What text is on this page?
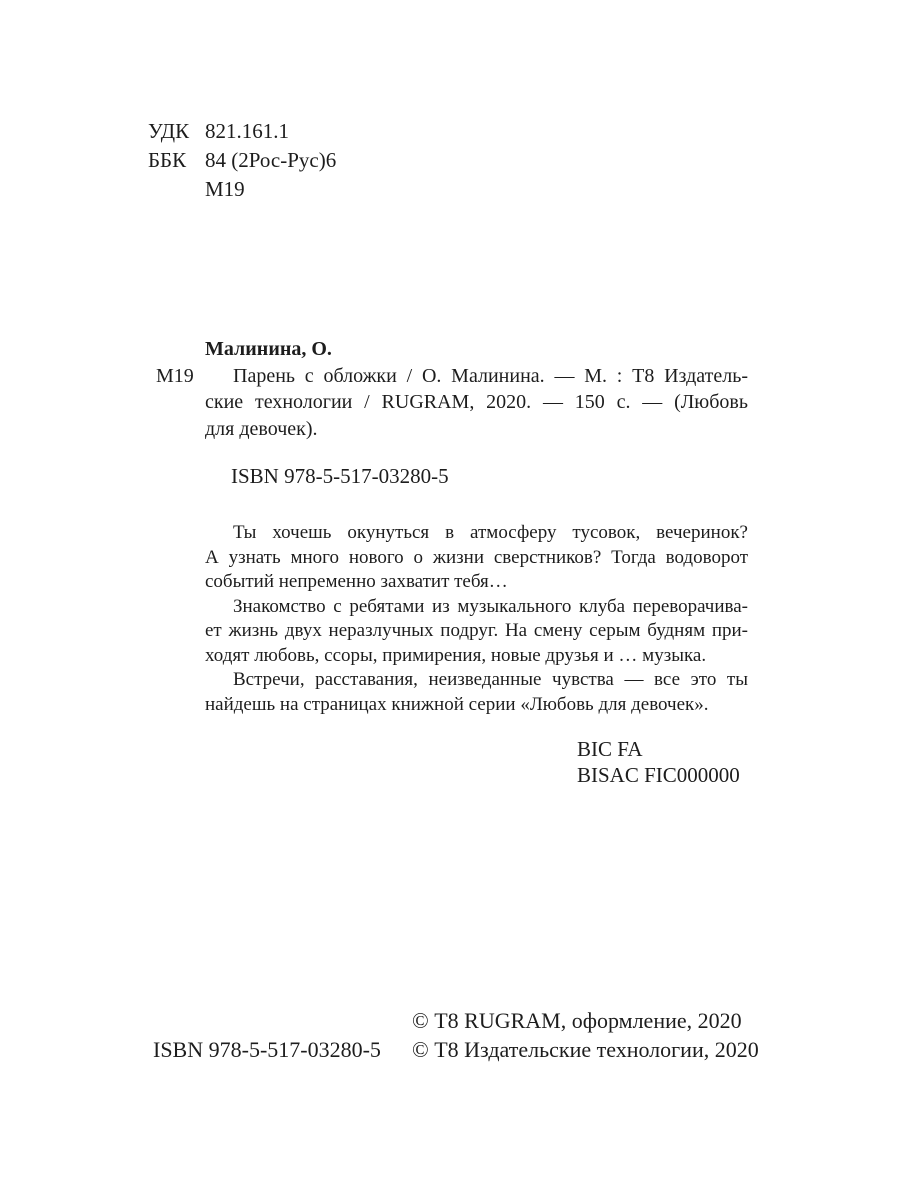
УДК 821.161.1
ББК 84 (2Рос-Рус)6
М19
Малинина, О.
М19	Парень с обложки / О. Малинина. — М. : Т8 Издатель-
ские технологии / RUGRAM, 2020. — 150 с. — (Любовь
для девочек).
ISBN 978-5-517-03280-5
Ты хочешь окунуться в атмосферу тусовок, вечеринок?
А узнать много нового о жизни сверстников? Тогда водоворот
событий непременно захватит тебя…
Знакомство с ребятами из музыкального клуба переворачива-
ет жизнь двух неразлучных подруг. На смену серым будням при-
ходят любовь, ссоры, примирения, новые друзья и … музыка.
Встречи, расставания, неизведанные чувства — все это ты
найдешь на страницах книжной серии «Любовь для девочек».
BIC FA
BISAC FIC000000
ISBN 978-5-517-03280-5
© Т8 RUGRAM, оформление, 2020
© Т8 Издательские технологии, 2020
